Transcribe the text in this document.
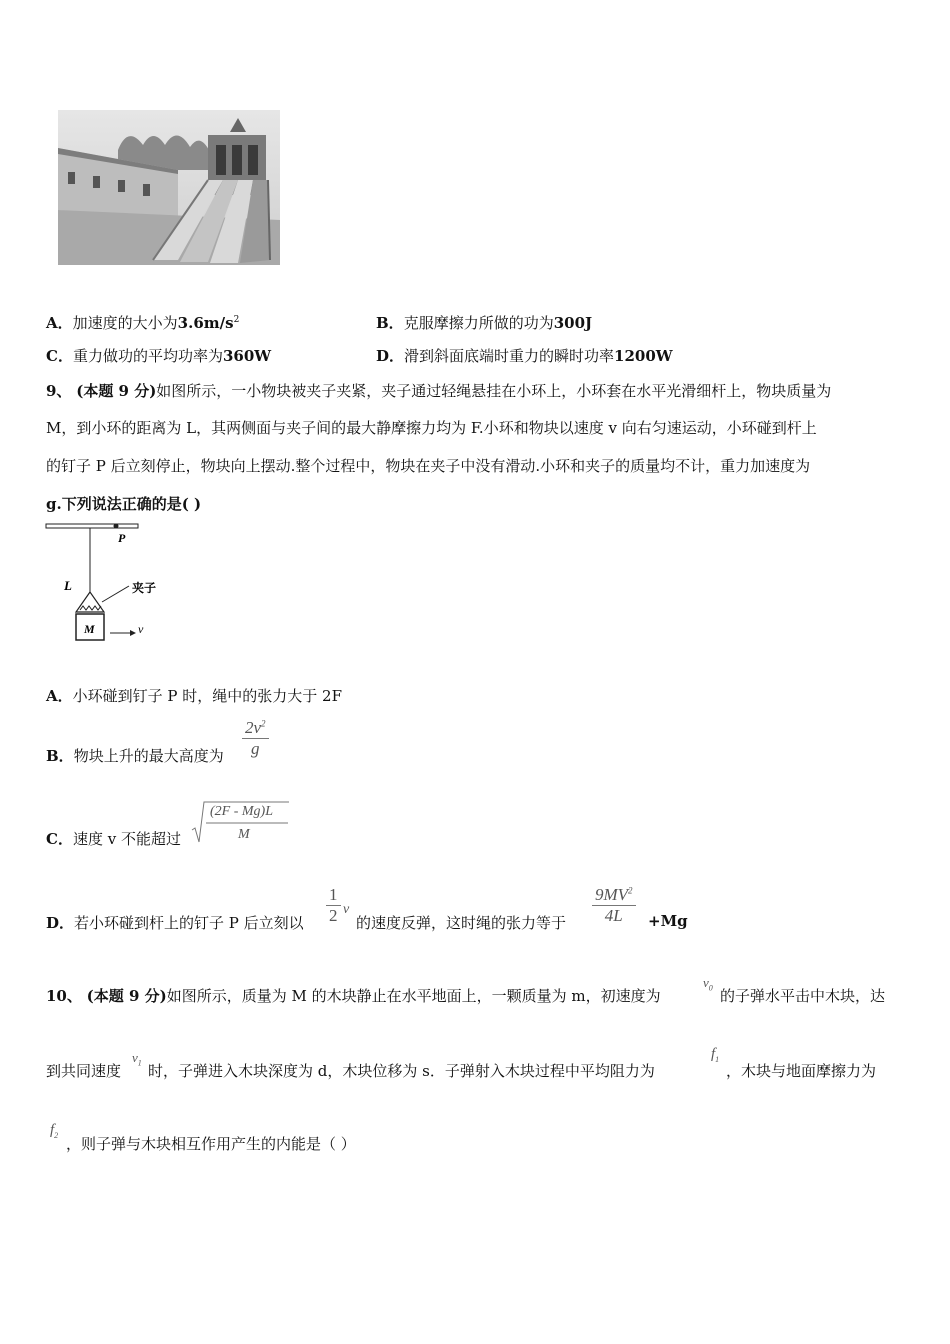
A．加速度的大小为$3.6m/s^2$	B．克服摩擦力所做的功为300J
C．重力做功的平均功率为360W	D．滑到斜面底端时重力的瞬时功率1200W
9、 (本题 9 分)如图所示，一小物块被夹子夹紧，夹子通过轻绳悬挂在小环上，小环套在水平光滑细杆上，物块质量为
M，到小环的距离为 L，其两侧面与夹子间的最大静摩擦力均为 F.小环和物块以速度 v 向右匀速运动，小环碰到杆上
的钉子 P 后立刻停止，物块向上摆动.整个过程中，物块在夹子中没有滑动.小环和夹子的质量均不计，重力加速度为
g.下列说法正确的是( )
P
L	夹子
M	v
A．小环碰到钉子 P 时，绳中的张力大于 2F
B．物块上升的最大高度为 $\frac{2v^2}{g}$
C．速度 v 不能超过
(2F - Mg)L
M
D．若小环碰到杆上的钉子 P 后立刻以 $\frac{1}{2}$ v
的速度反弹，这时绳的张力等于 $\frac{9MV^2}{4L} +Mg$
10、 (本题 9 分)如图所示，质量为 M 的木块静止在水平地面上，一颗质量为 m，初速度为
$v_0$ 的子弹水平击中木块，达
到共同速度
$v_1$ 时，子弹进入木块深度为 d，木块位移为 s．子弹射入木块过程中平均阻力为
$f_1$
，木块与地面摩擦力为
$f_2$ ，则子弹与木块相互作用产生的内能是（ ）
